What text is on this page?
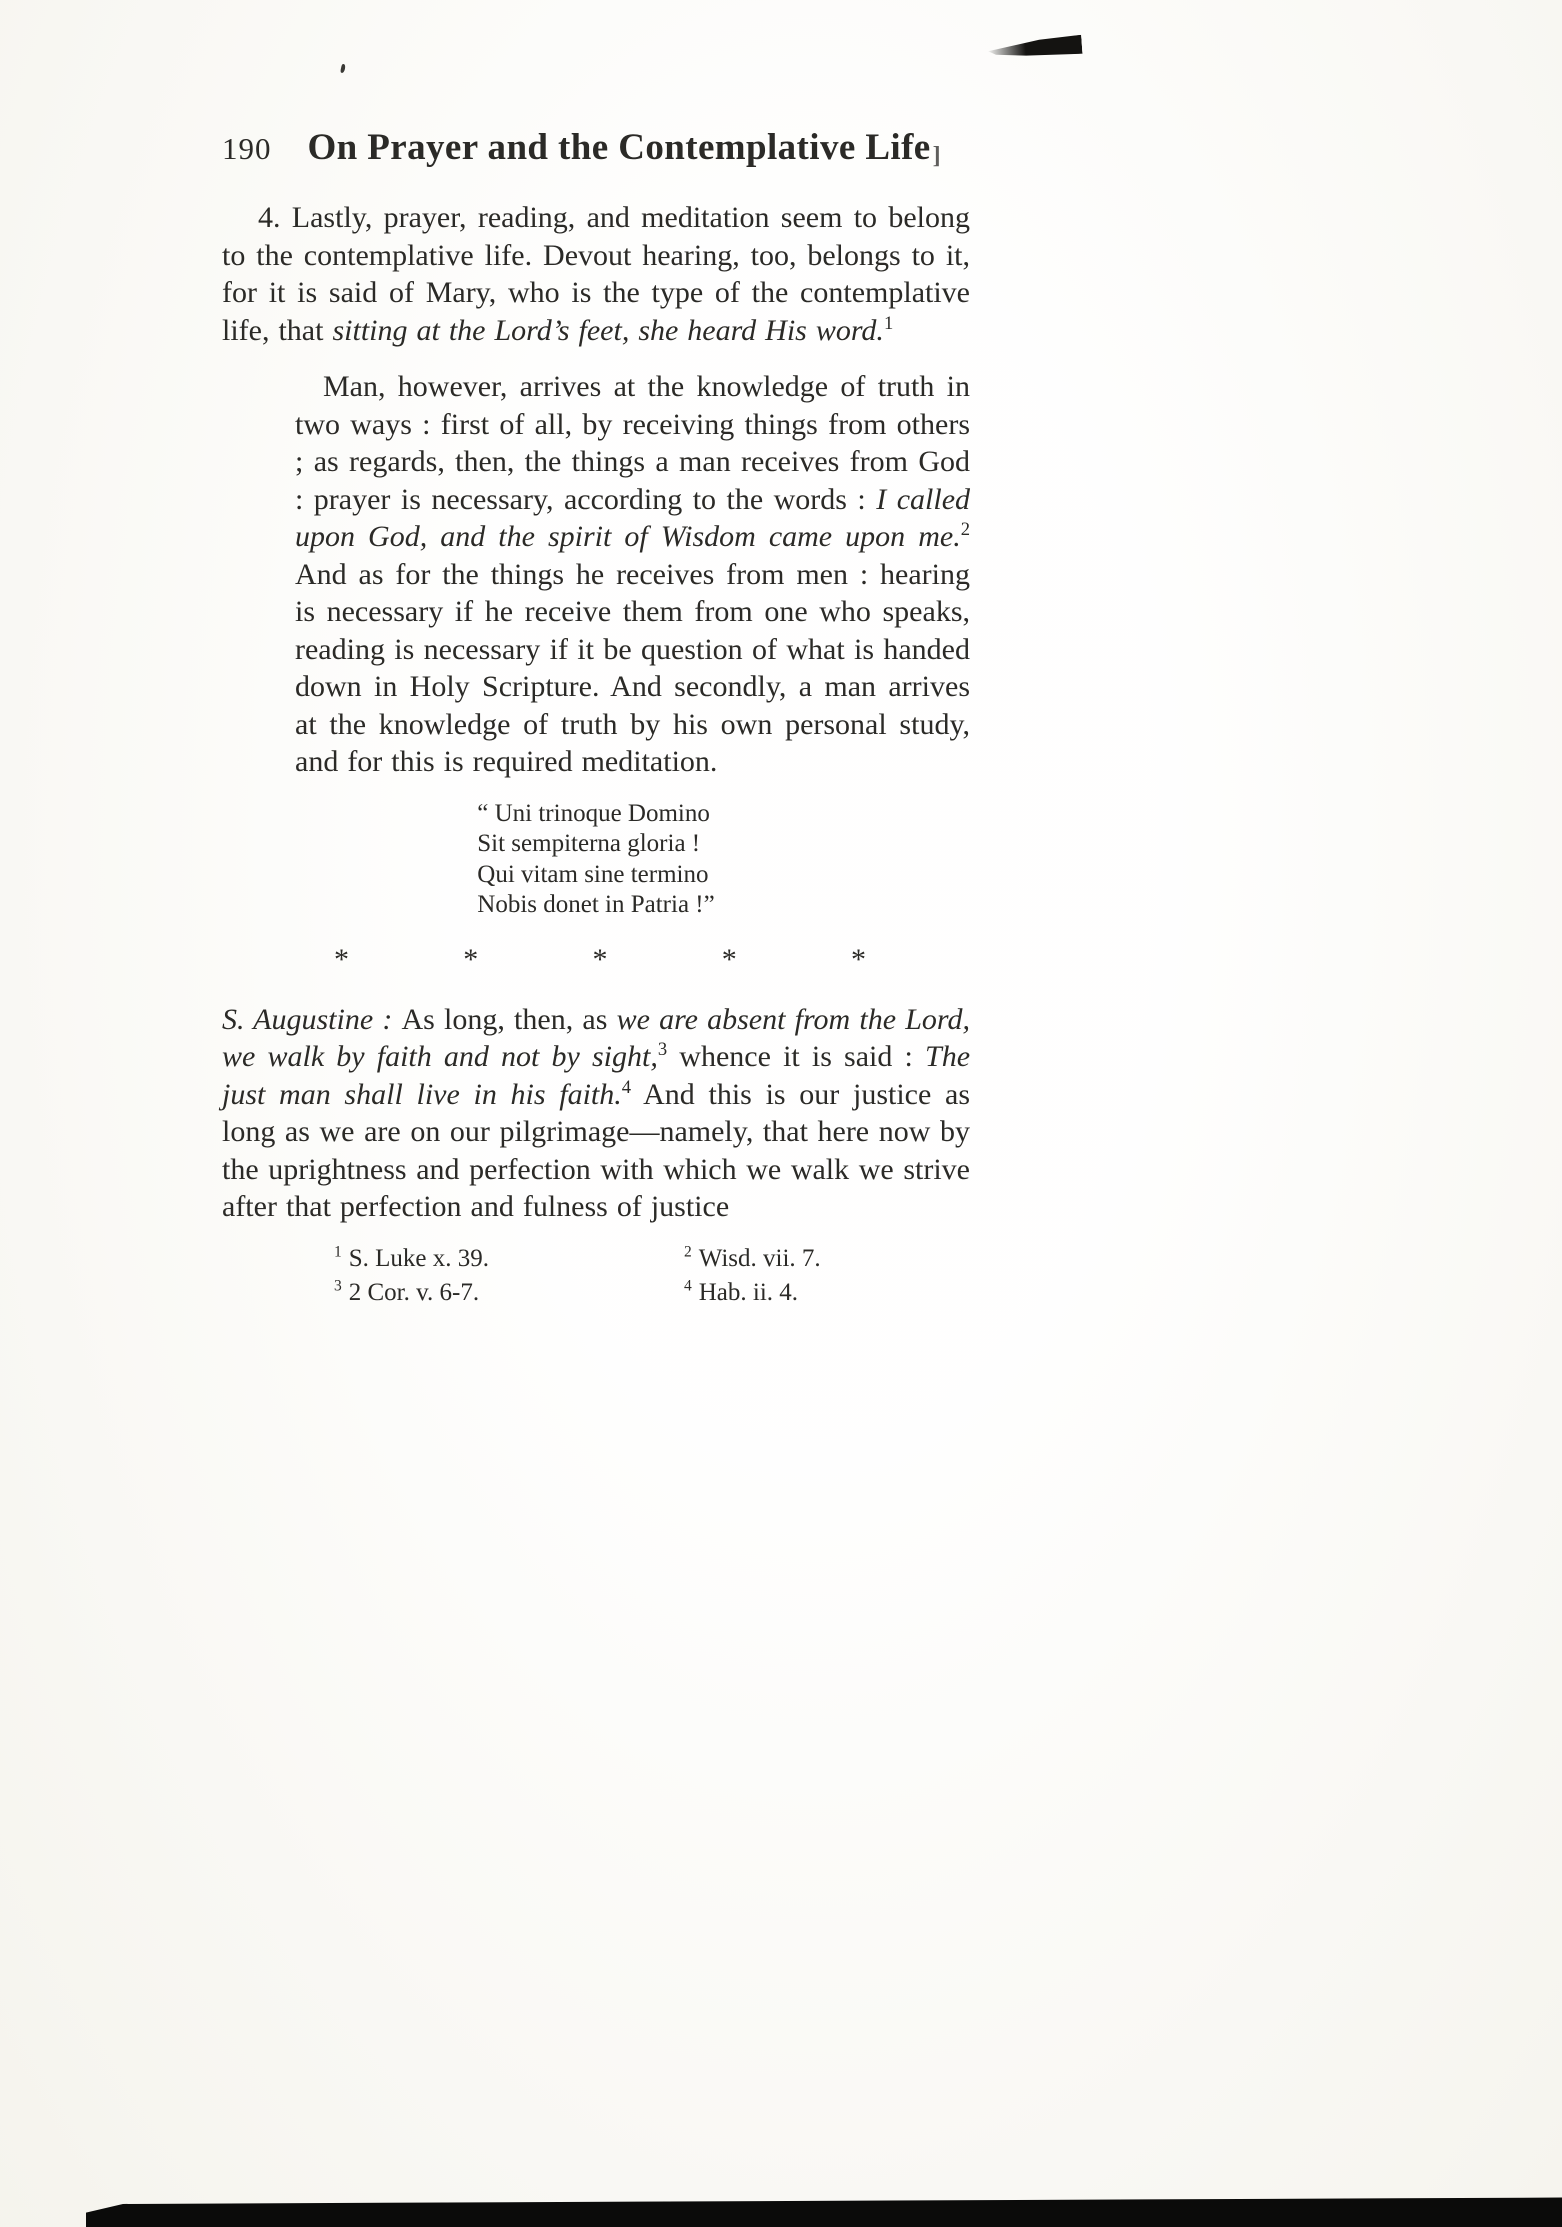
190 On Prayer and the Contemplative Life]

4. Lastly, prayer, reading, and meditation seem to belong to the contemplative life. Devout hearing, too, belongs to it, for it is said of Mary, who is the type of the contemplative life, that sitting at the Lord’s feet, she heard His word.$^1$

Man, however, arrives at the knowledge of truth in two ways : first of all, by receiving things from others ; as regards, then, the things a man receives from God : prayer is necessary, according to the words : I called upon God, and the spirit of Wisdom came upon me.$^2$ And as for the things he receives from men : hearing is necessary if he receive them from one who speaks, reading is necessary if it be question of what is handed down in Holy Scripture. And secondly, a man arrives at the knowledge of truth by his own personal study, and for this is required meditation.

“ Uni trinoque Domino
Sit sempiterna gloria !
Qui vitam sine termino
Nobis donet in Patria !”
*	*	*	*	*

S. Augustine : As long, then, as we are absent from the Lord, we walk by faith and not by sight,$^3$ whence it is said : The just man shall live in his faith.$^4$ And this is our justice as long as we are on our pilgrimage—namely, that here now by the uprightness and perfection with which we walk we strive after that perfection and fulness of justice

$^1$ S. Luke x. 39.	$^2$ Wisd. vii. 7.
$^3$ 2 Cor. v. 6-7.	$^4$ Hab. ii. 4.
